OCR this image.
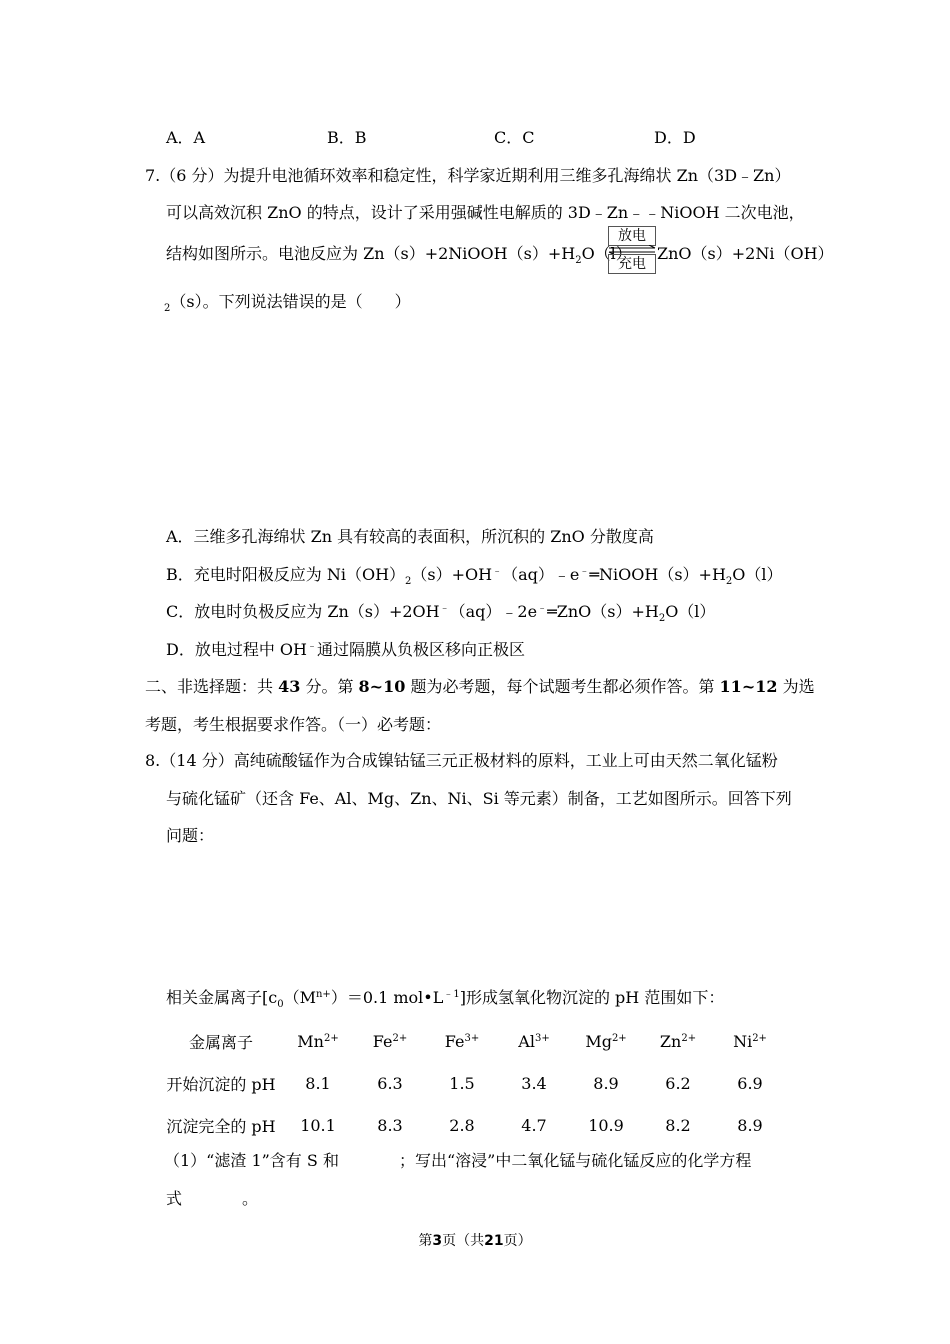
A．A	B．B	C．C	D．D
7.（6 分）为提升电池循环效率和稳定性，科学家近期利用三维多孔海绵状 Zn（3D﹣Zn）
可以高效沉积 ZnO 的特点，设计了采用强碱性电解质的 3D﹣Zn﹣﹣NiOOH 二次电池，
结构如图所示。电池反应为 $Zn(s)+2NiOOH(s)+H_2O(l)$
放电
充电
ZnO（s）+2Ni（OH）
$_2$（s）。下列说法错误的是（　　）
A．三维多孔海绵状 Zn 具有较高的表面积，所沉积的 ZnO 分散度高
B．充电时阳极反应为 $Ni(OH)_2(s)+OH^﹣(aq)﹣e^﹣═NiOOH(s)+H_2O(l)$
C．放电时负极反应为 $Zn(s)+2OH^﹣(aq)﹣2e^﹣═ZnO(s)+H_2O(l)$
D．放电过程中 OH﹣通过隔膜从负极区移向正极区
二、非选择题：共 43 分。第 8~10 题为必考题，每个试题考生都必须作答。第 11~12 为选
考题，考生根据要求作答。（一）必考题：
8.（14 分）高纯硫酸锰作为合成镍钴锰三元正极材料的原料，工业上可由天然二氧化锰粉
与硫化锰矿（还含 Fe、Al、Mg、Zn、Ni、Si 等元素）制备，工艺如图所示。回答下列
问题：
相关金属离子[$c_0(M^{n+})=0.1$ $mol•L^{﹣1}$]形成氢氧化物沉淀的 pH 范围如下：
金属离子	$Mn^{2+}$	$Fe^{2+}$	$Fe^{3+}$	$Al^{3+}$	$Mg^{2+}$	$Zn^{2+}$	$Ni^{2+}$
开始沉淀的 pH	8.1	6.3	1.5	3.4	8.9	6.2	6.9
沉淀完全的 pH	10.1	8.3	2.8	4.7	10.9	8.2	8.9
（1）“滤渣 1”含有 S 和	；写出“溶浸”中二氧化锰与硫化锰反应的化学方程
式	。
第3页（共21页）
